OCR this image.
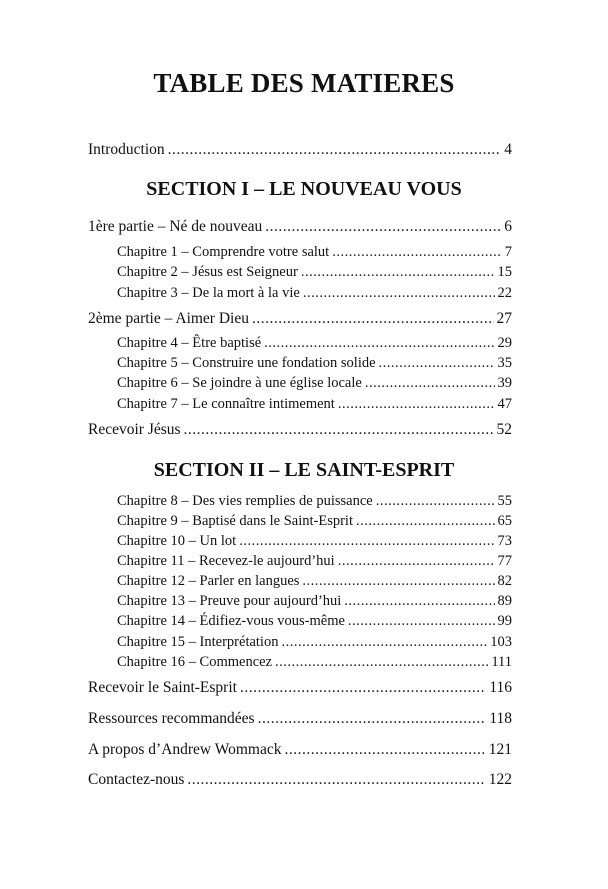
TABLE DES MATIERES
Introduction .....	4
SECTION I – LE NOUVEAU VOUS
1ère partie – Né de nouveau .....	6
Chapitre 1 – Comprendre votre salut .....	7
Chapitre 2 – Jésus est Seigneur .....	15
Chapitre 3 – De la mort à la vie .....	22
2ème partie – Aimer Dieu .....	27
Chapitre 4 – Être baptisé .....	29
Chapitre 5 – Construire une fondation solide .....	35
Chapitre 6 – Se joindre à une église locale .....	39
Chapitre 7 – Le connaître intimement .....	47
Recevoir Jésus .....	52
SECTION II – LE SAINT-ESPRIT
Chapitre 8 – Des vies remplies de puissance .....	55
Chapitre 9 – Baptisé dans le Saint-Esprit .....	65
Chapitre 10 – Un lot .....	73
Chapitre 11 – Recevez-le aujourd’hui .....	77
Chapitre 12 – Parler en langues .....	82
Chapitre 13 – Preuve pour aujourd’hui .....	89
Chapitre 14 – Édifiez-vous vous-même .....	99
Chapitre 15 – Interprétation .....	103
Chapitre 16 – Commencez .....	111
Recevoir le Saint-Esprit .....	116
Ressources recommandées .....	118
A propos d’Andrew Wommack .....	121
Contactez-nous .....	122
